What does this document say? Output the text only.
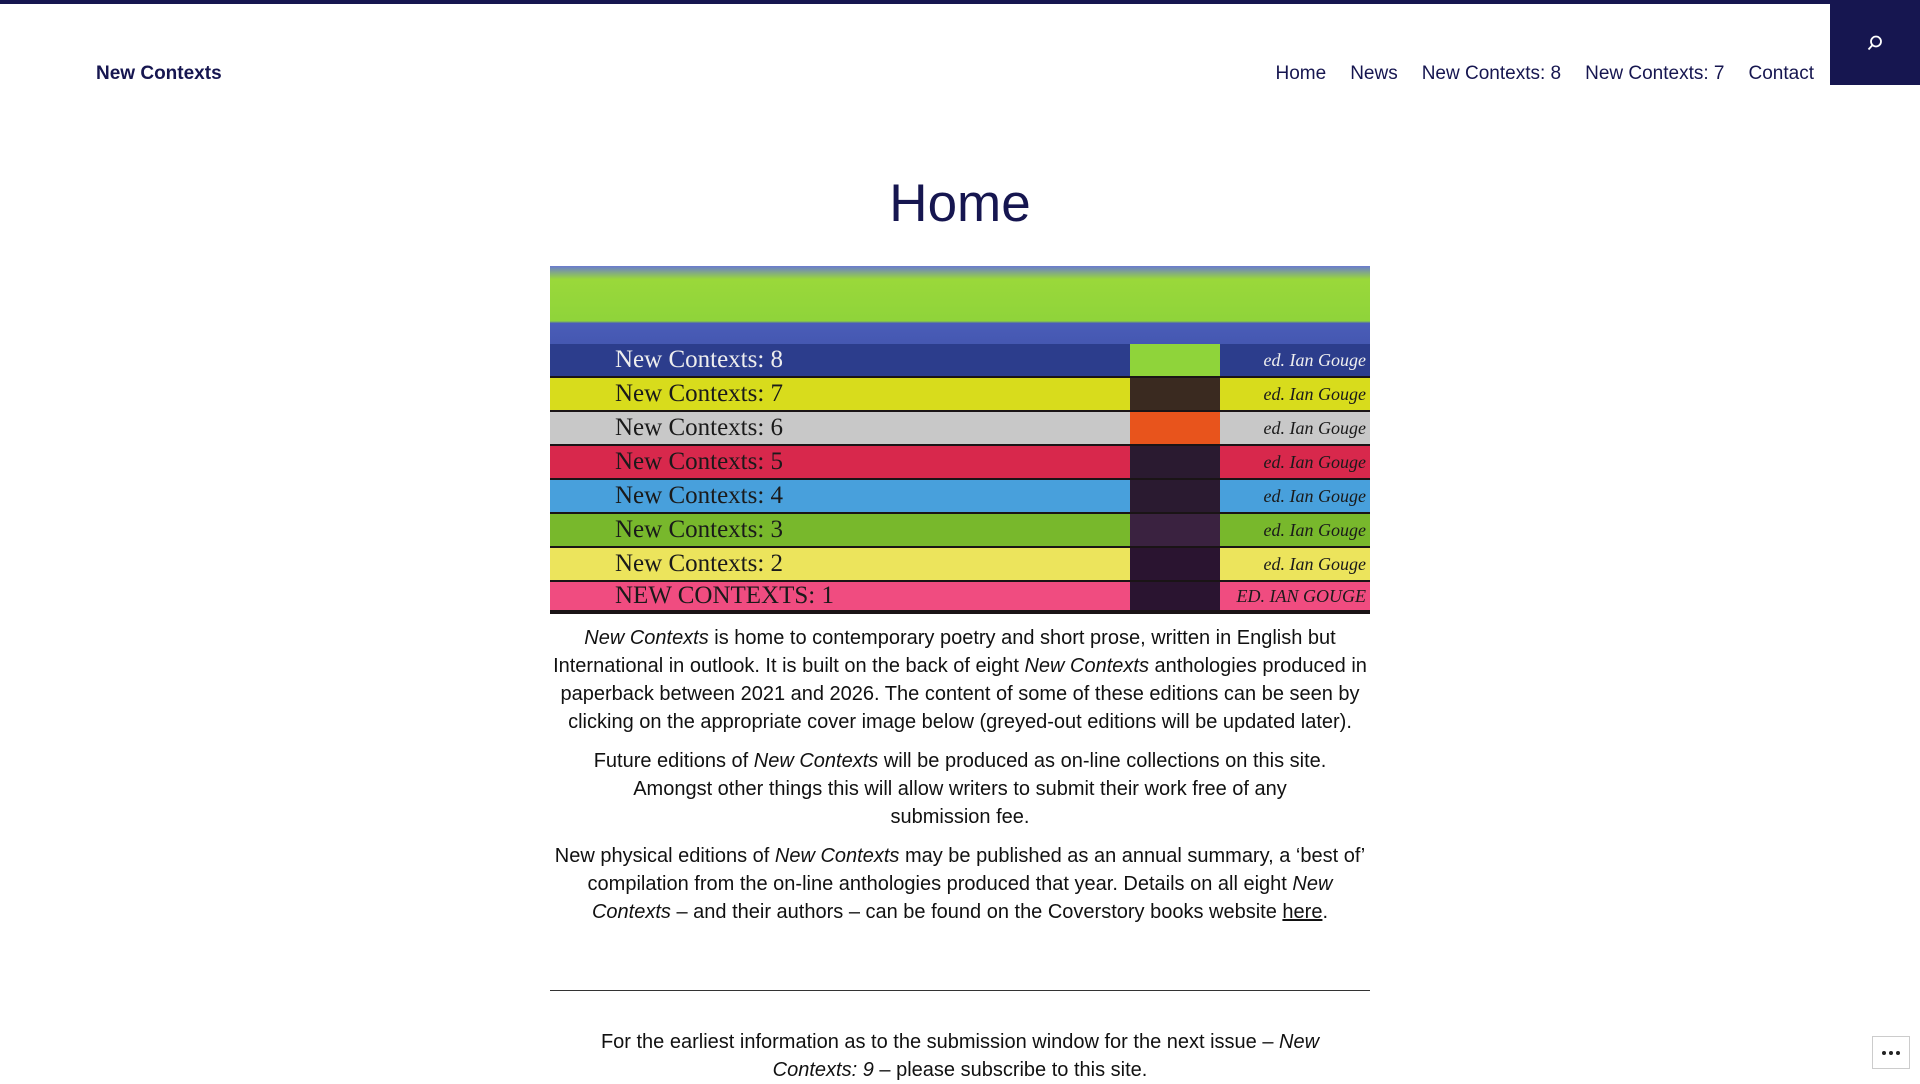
New Contexts	Home News New Contexts: 8 New Contexts: 7 Contact
Home
New Contexts: 8	ed. Ian Gouge
New Contexts: 7	ed. Ian Gouge
New Contexts: 6	ed. Ian Gouge
New Contexts: 5	ed. Ian Gouge
New Contexts: 4	ed. Ian Gouge
New Contexts: 3	ed. Ian Gouge
New Contexts: 2	ed. Ian Gouge
NEW CONTEXTS: 1	ED. IAN GOUGE

New Contexts is home to contemporary poetry and short prose, written in English but International in outlook. It is built on the back of eight New Contexts anthologies produced in paperback between 2021 and 2026. The content of some of these editions can be seen by clicking on the appropriate cover image below (greyed-out editions will be updated later).

Future editions of New Contexts will be produced as on-line collections on this site. Amongst other things this will allow writers to submit their work free of any submission fee.

New physical editions of New Contexts may be published as an annual summary, a ‘best of’ compilation from the on-line anthologies produced that year. Details on all eight New Contexts – and their authors – can be found on the Coverstory books website here.

For the earliest information as to the submission window for the next issue – New Contexts: 9 – please subscribe to this site.
